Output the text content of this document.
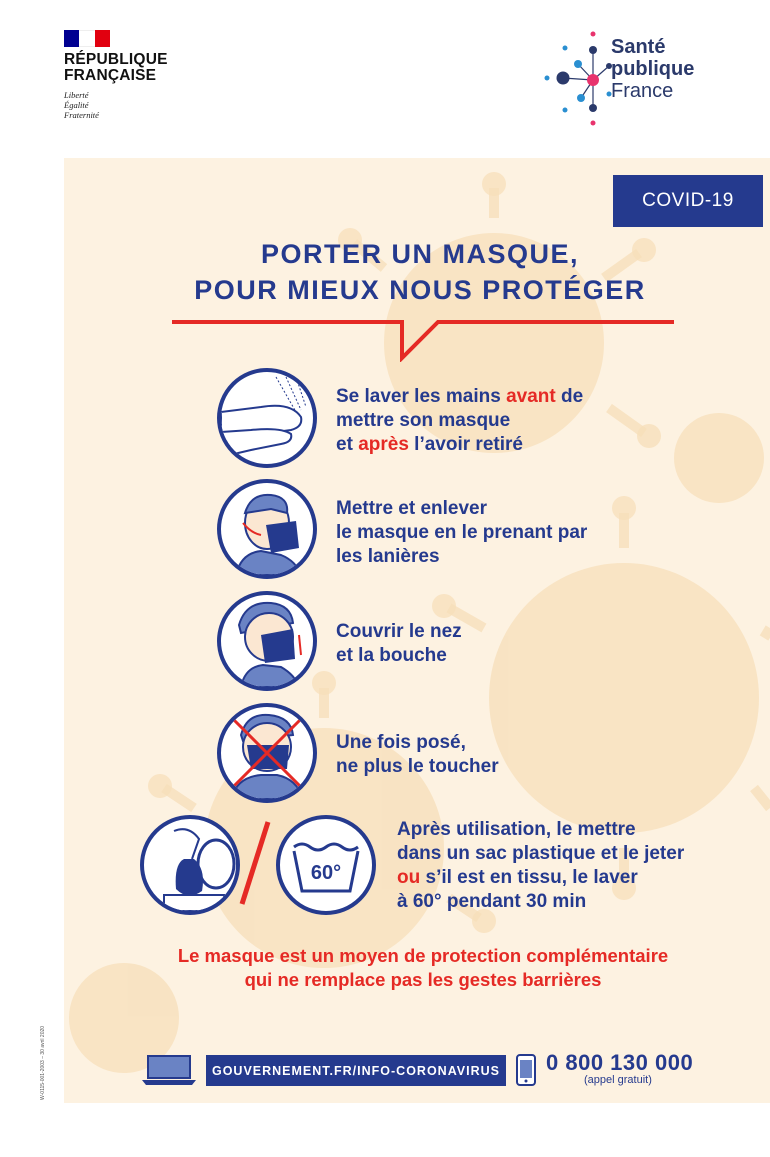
RÉPUBLIQUE
FRANÇAISE
Liberté
Égalité
Fraternité
Santé
publique
France
COVID-19
PORTER UN MASQUE,
POUR MIEUX NOUS PROTÉGER
Se laver les mains avant de
mettre son masque
et après l’avoir retiré
Mettre et enlever
le masque en le prenant par
les lanières
Couvrir le nez
et la bouche
Une fois posé,
ne plus le toucher
60°
Après utilisation, le mettre
dans un sac plastique et le jeter
ou s’il est en tissu, le laver
à 60° pendant 30 min
Le masque est un moyen de protection complémentaire
qui ne remplace pas les gestes barrières
GOUVERNEMENT.FR/INFO-CORONAVIRUS 0 800 130 000
(appel gratuit)
W-0115-001-2003 – 30 avril 2020
